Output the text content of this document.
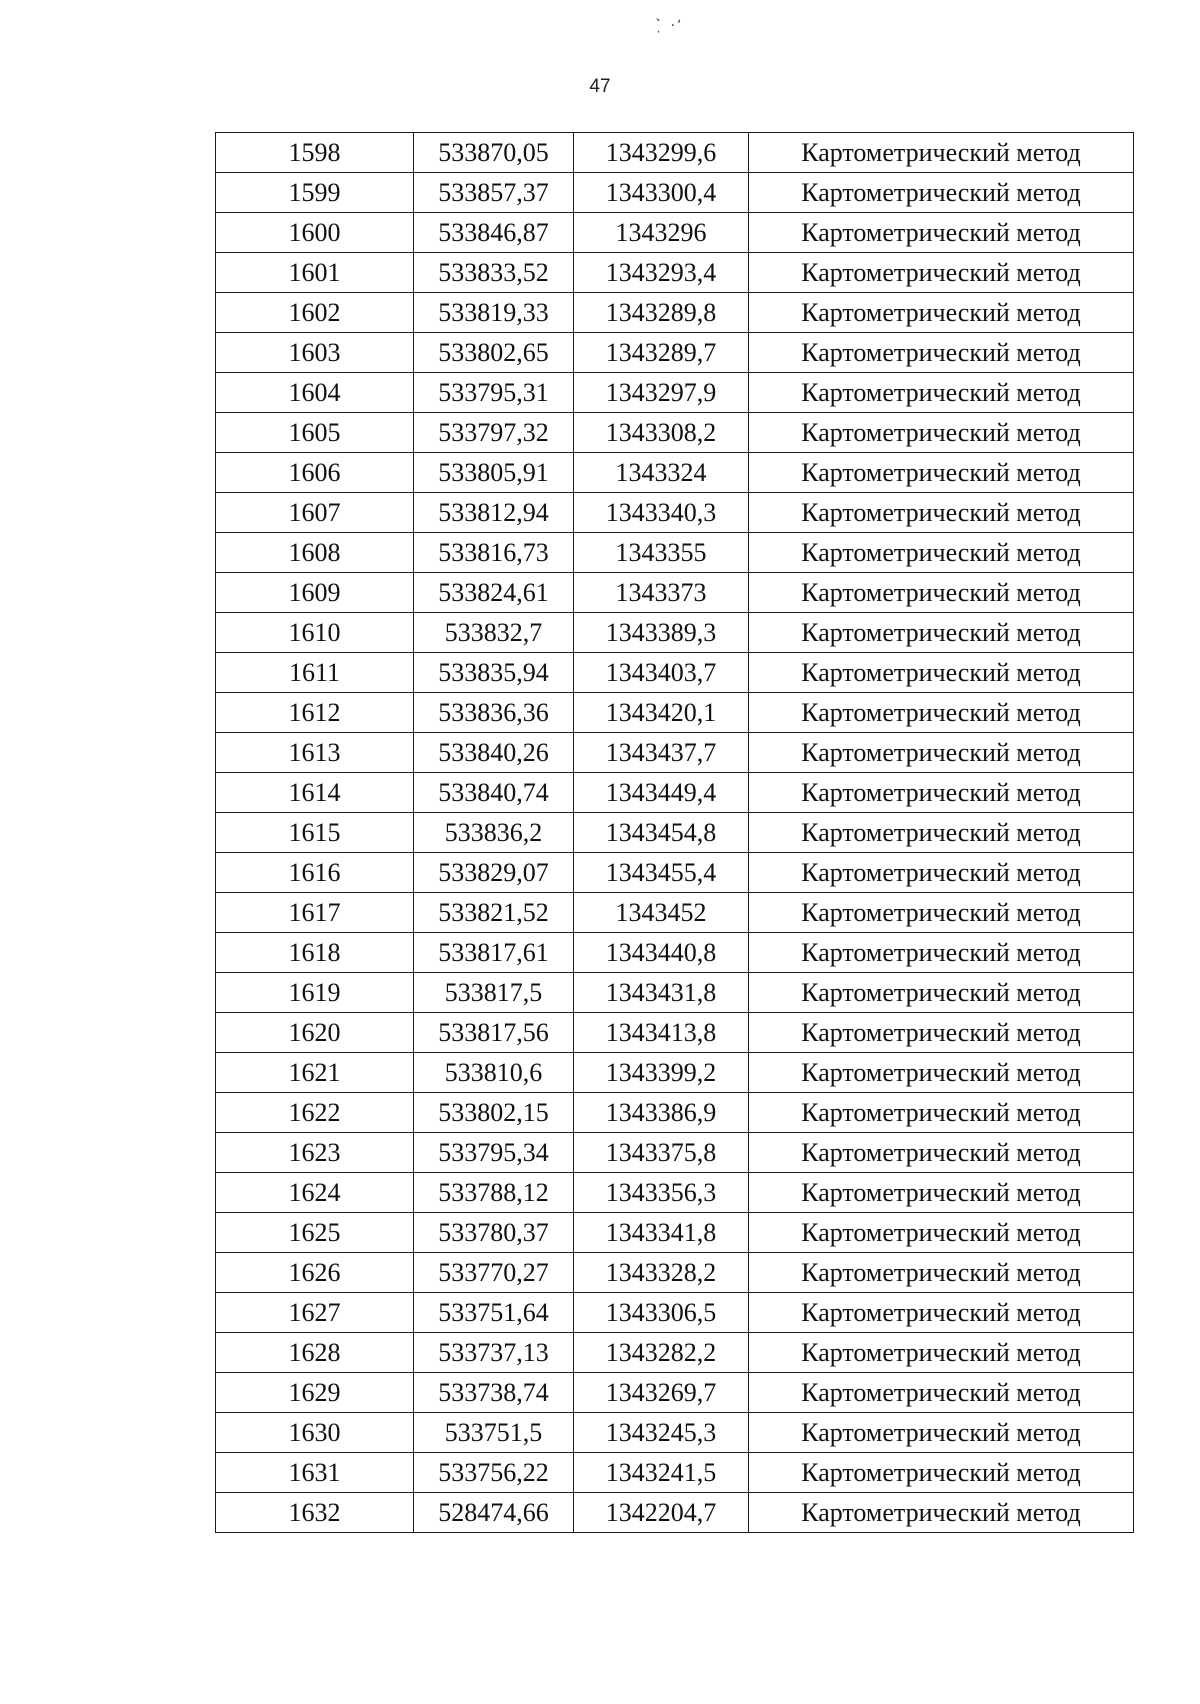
̣̀̇ ·ʼ
47
1598	533870,05	1343299,6	Картометрический метод
1599	533857,37	1343300,4	Картометрический метод
1600	533846,87	1343296	Картометрический метод
1601	533833,52	1343293,4	Картометрический метод
1602	533819,33	1343289,8	Картометрический метод
1603	533802,65	1343289,7	Картометрический метод
1604	533795,31	1343297,9	Картометрический метод
1605	533797,32	1343308,2	Картометрический метод
1606	533805,91	1343324	Картометрический метод
1607	533812,94	1343340,3	Картометрический метод
1608	533816,73	1343355	Картометрический метод
1609	533824,61	1343373	Картометрический метод
1610	533832,7	1343389,3	Картометрический метод
1611	533835,94	1343403,7	Картометрический метод
1612	533836,36	1343420,1	Картометрический метод
1613	533840,26	1343437,7	Картометрический метод
1614	533840,74	1343449,4	Картометрический метод
1615	533836,2	1343454,8	Картометрический метод
1616	533829,07	1343455,4	Картометрический метод
1617	533821,52	1343452	Картометрический метод
1618	533817,61	1343440,8	Картометрический метод
1619	533817,5	1343431,8	Картометрический метод
1620	533817,56	1343413,8	Картометрический метод
1621	533810,6	1343399,2	Картометрический метод
1622	533802,15	1343386,9	Картометрический метод
1623	533795,34	1343375,8	Картометрический метод
1624	533788,12	1343356,3	Картометрический метод
1625	533780,37	1343341,8	Картометрический метод
1626	533770,27	1343328,2	Картометрический метод
1627	533751,64	1343306,5	Картометрический метод
1628	533737,13	1343282,2	Картометрический метод
1629	533738,74	1343269,7	Картометрический метод
1630	533751,5	1343245,3	Картометрический метод
1631	533756,22	1343241,5	Картометрический метод
1632	528474,66	1342204,7	Картометрический метод
